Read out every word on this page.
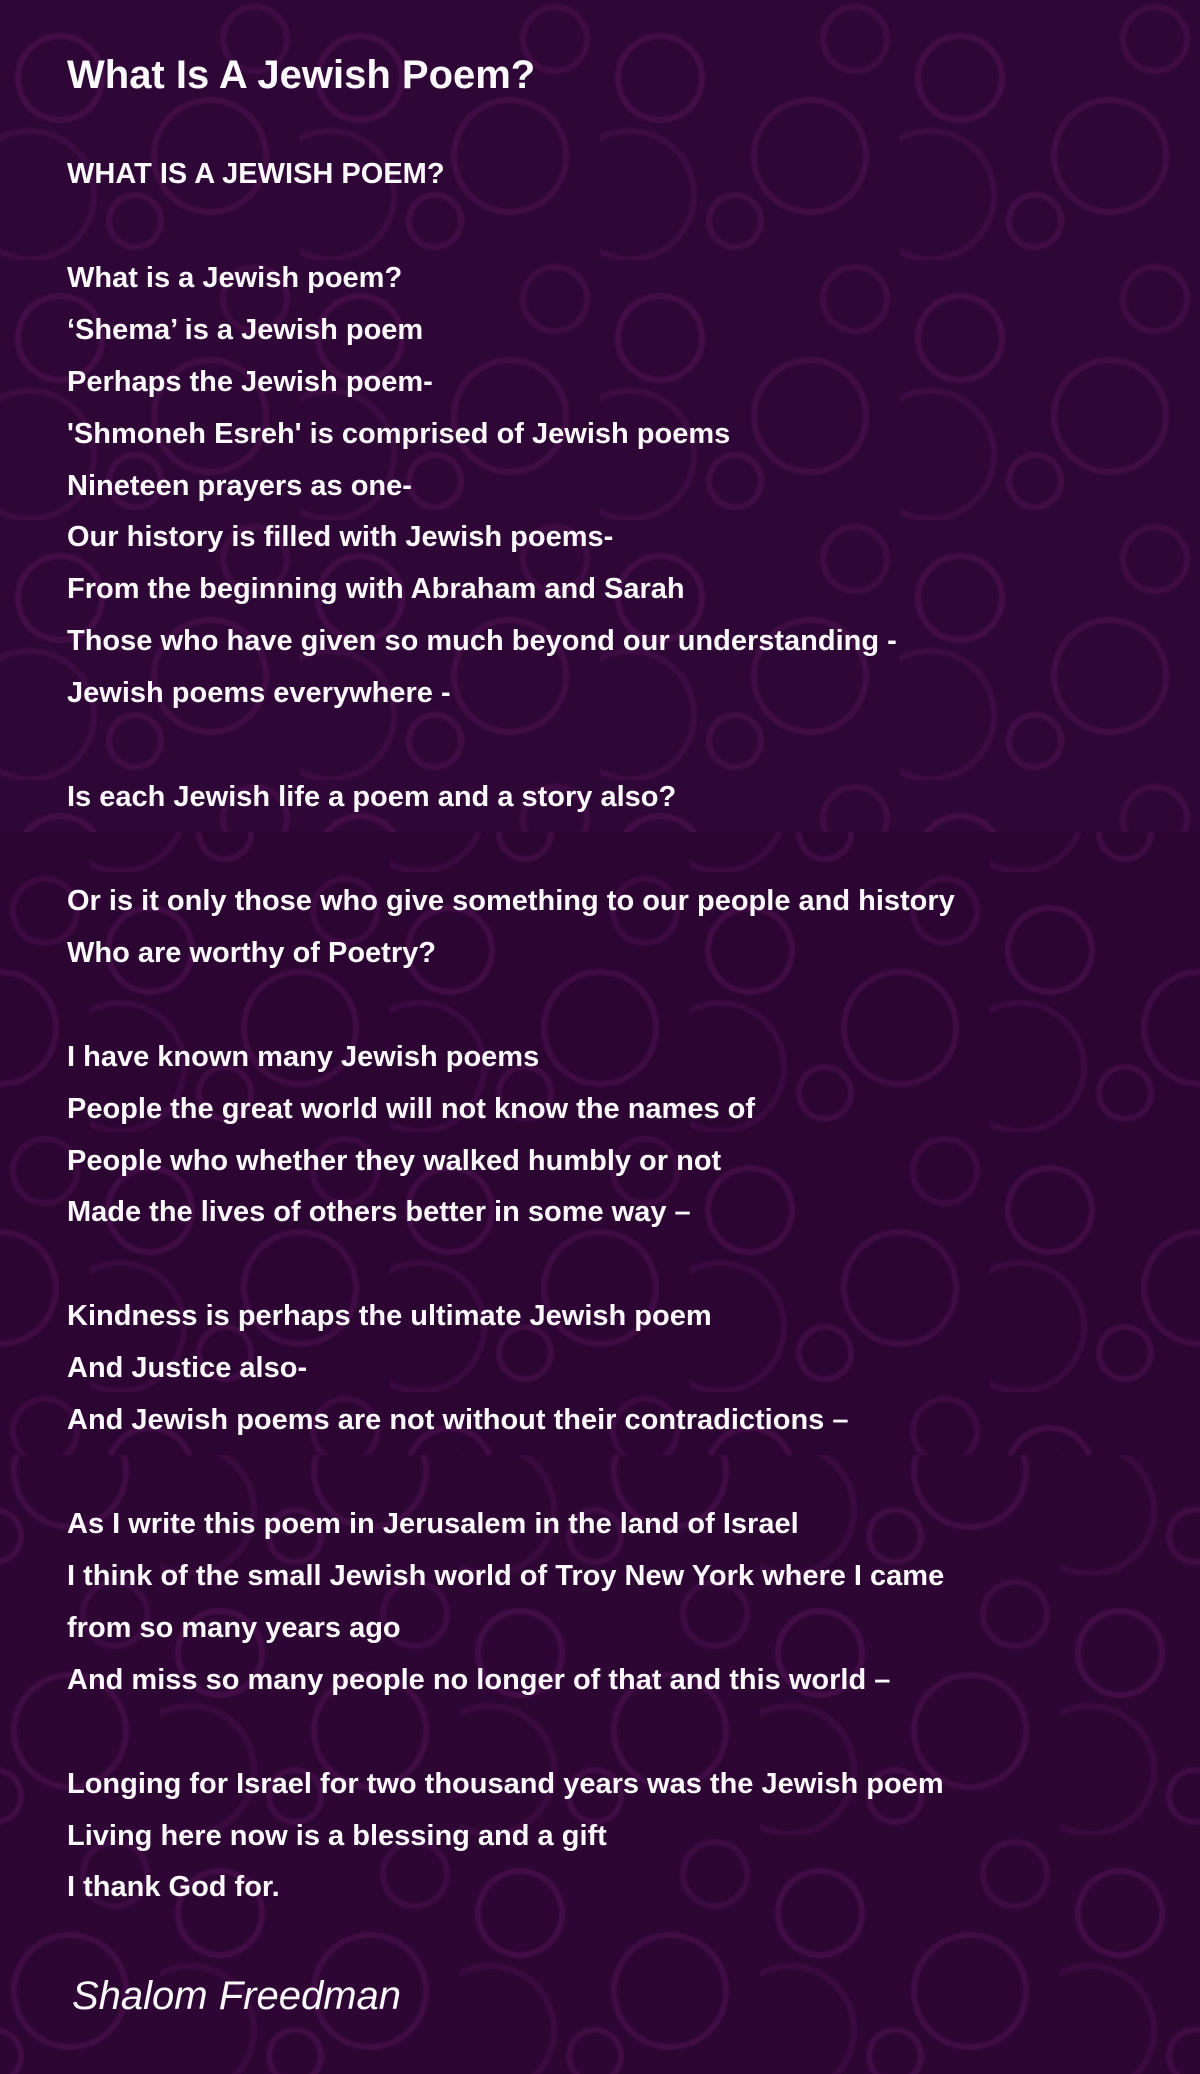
What Is A Jewish Poem?
WHAT IS A JEWISH POEM?
What is a Jewish poem?
‘Shema’ is a Jewish poem
Perhaps the Jewish poem-
'Shmoneh Esreh' is comprised of Jewish poems
Nineteen prayers as one-
Our history is filled with Jewish poems-
From the beginning with Abraham and Sarah
Those who have given so much beyond our understanding -
Jewish poems everywhere -
Is each Jewish life a poem and a story also?
Or is it only those who give something to our people and history
Who are worthy of Poetry?
I have known many Jewish poems
People the great world will not know the names of
People who whether they walked humbly or not
Made the lives of others better in some way –
Kindness is perhaps the ultimate Jewish poem
And Justice also-
And Jewish poems are not without their contradictions –
As I write this poem in Jerusalem in the land of Israel
I think of the small Jewish world of Troy New York where I came
from so many years ago
And miss so many people no longer of that and this world –
Longing for Israel for two thousand years was the Jewish poem
Living here now is a blessing and a gift
I thank God for.

Shalom Freedman
